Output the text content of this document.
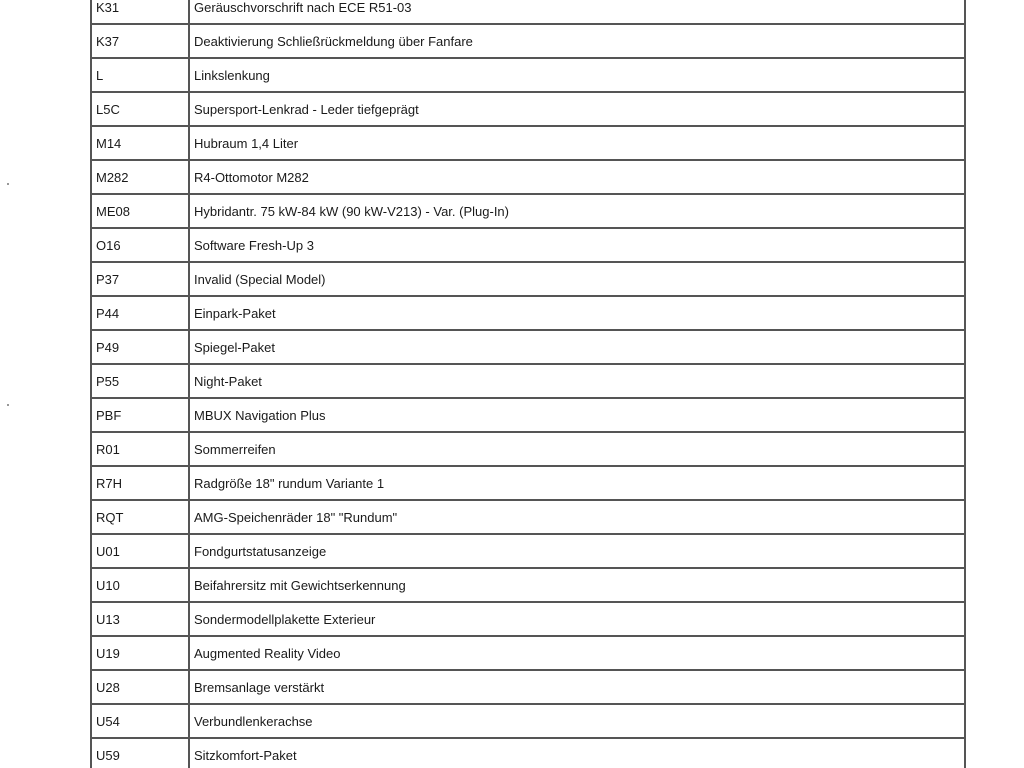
K31	Geräuschvorschrift nach ECE R51-03
K37	Deaktivierung Schließrückmeldung über Fanfare
L	Linkslenkung
L5C	Supersport-Lenkrad - Leder tiefgeprägt
M14	Hubraum 1,4 Liter
M282	R4-Ottomotor M282
ME08	Hybridantr. 75 kW-84 kW (90 kW-V213) - Var. (Plug-In)
O16	Software Fresh-Up 3
P37	Invalid (Special Model)
P44	Einpark-Paket
P49	Spiegel-Paket
P55	Night-Paket
PBF	MBUX Navigation Plus
R01	Sommerreifen
R7H	Radgröße 18" rundum Variante 1
RQT	AMG-Speichenräder 18" "Rundum"
U01	Fondgurtstatusanzeige
U10	Beifahrersitz mit Gewichtserkennung
U13	Sondermodellplakette Exterieur
U19	Augmented Reality Video
U28	Bremsanlage verstärkt
U54	Verbundlenkerachse
U59	Sitzkomfort-Paket
